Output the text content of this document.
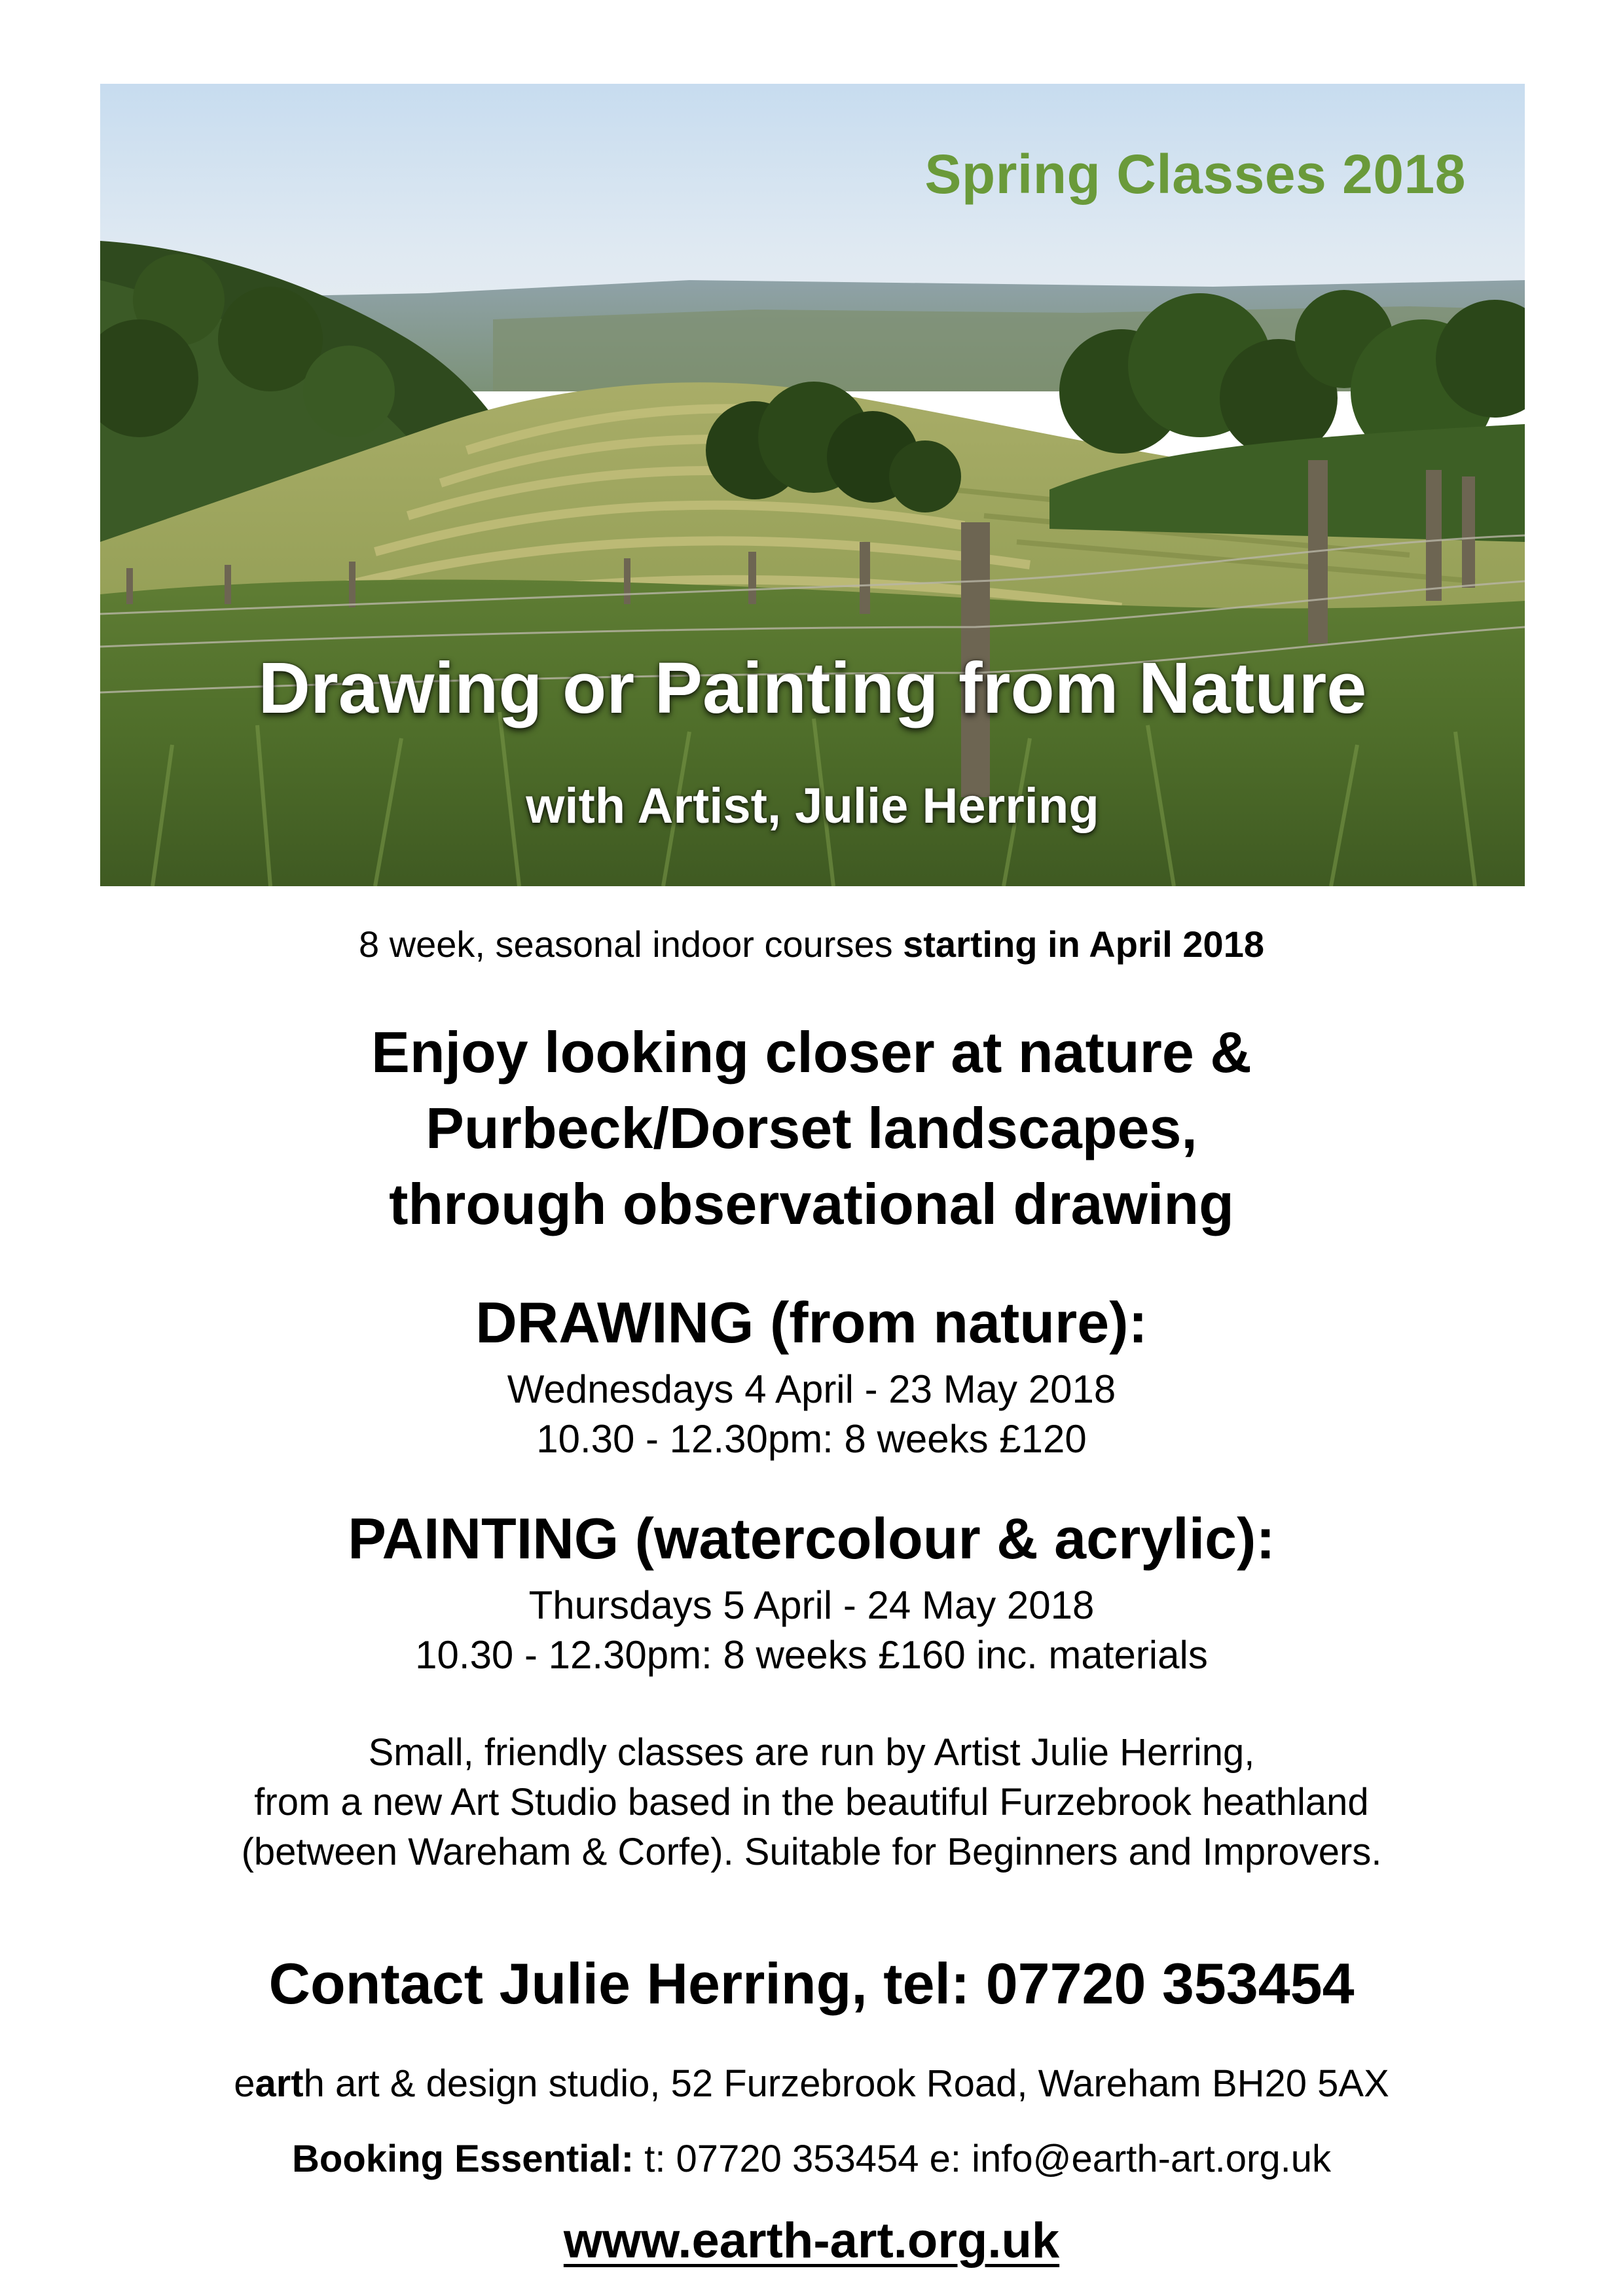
Spring Classes 2018

Drawing or Painting from Nature

with Artist, Julie Herring

8 week, seasonal indoor courses starting in April 2018

Enjoy looking closer at nature &
Purbeck/Dorset landscapes,
through observational drawing

DRAWING (from nature):

Wednesdays 4 April - 23 May 2018

10.30 - 12.30pm: 8 weeks £120

PAINTING (watercolour & acrylic):

Thursdays 5 April - 24 May 2018

10.30 - 12.30pm: 8 weeks £160 inc. materials

Small, friendly classes are run by Artist Julie Herring,
from a new Art Studio based in the beautiful Furzebrook heathland
(between Wareham & Corfe). Suitable for Beginners and Improvers.

Contact Julie Herring, tel: 07720 353454

earth art & design studio, 52 Furzebrook Road, Wareham BH20 5AX

Booking Essential: t: 07720 353454 e: info@earth-art.org.uk

www.earth-art.org.uk
